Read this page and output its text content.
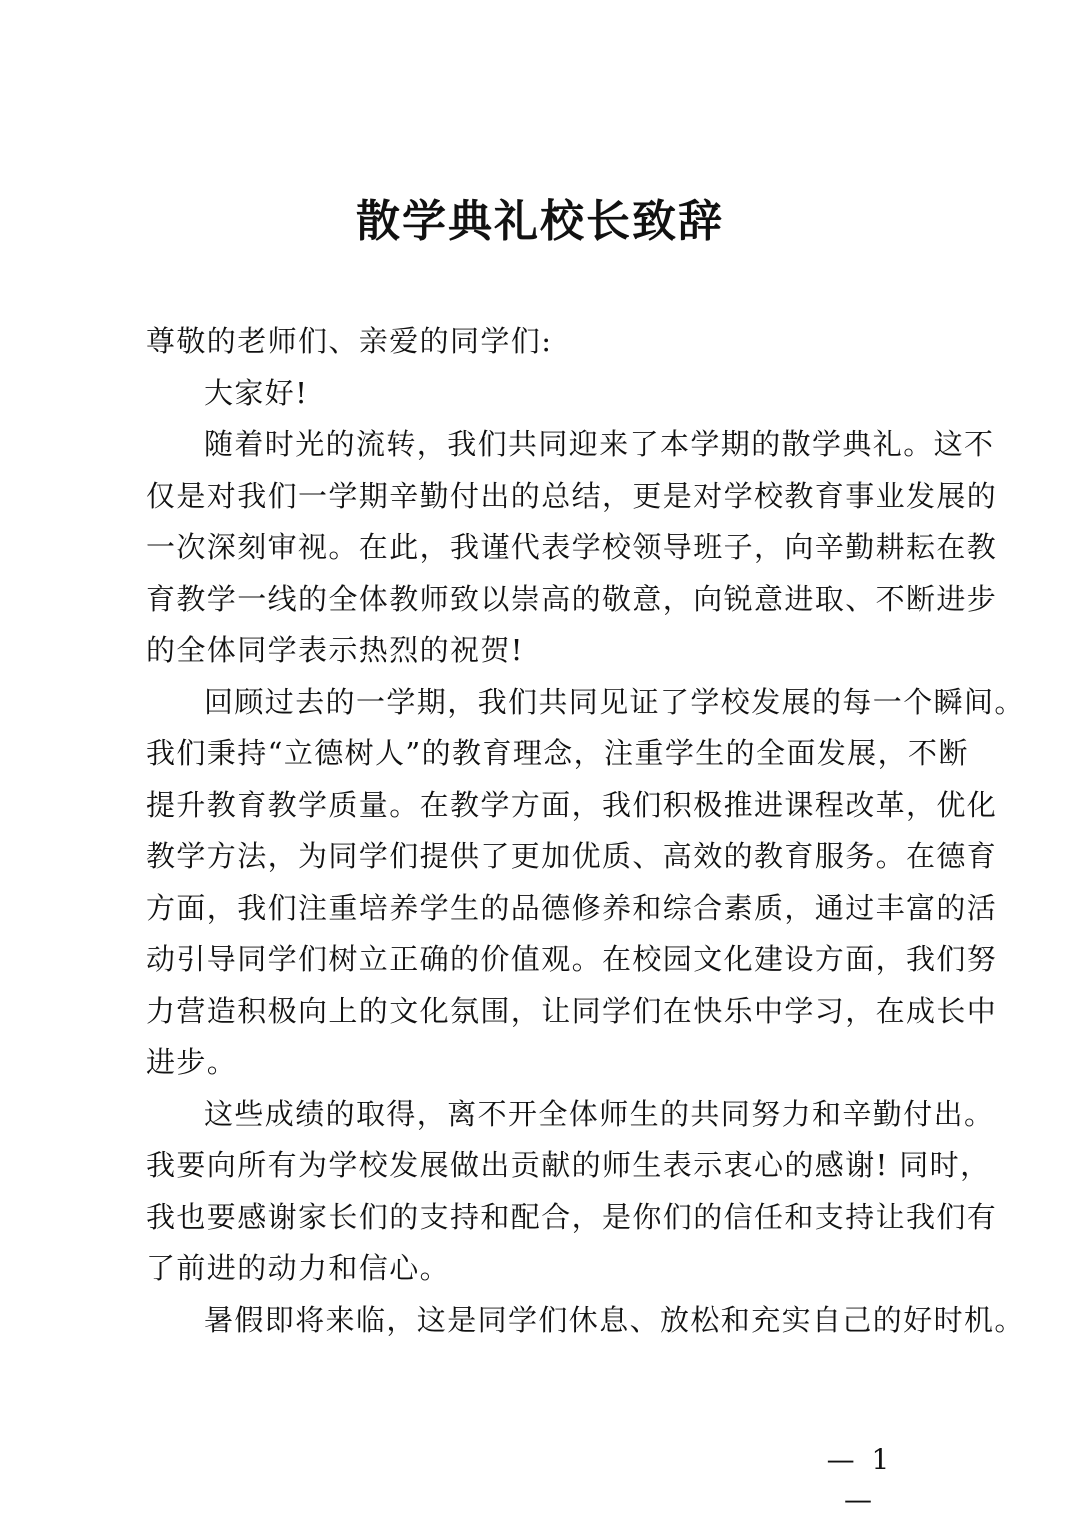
散学典礼校长致辞
尊敬的老师们、亲爱的同学们:
大家好!
随着时光的流转，我们共同迎来了本学期的散学典礼。这不
仅是对我们一学期辛勤付出的总结，更是对学校教育事业发展的
一次深刻审视。在此，我谨代表学校领导班子，向辛勤耕耘在教
育教学一线的全体教师致以崇高的敬意，向锐意进取、不断进步
的全体同学表示热烈的祝贺!
回顾过去的一学期，我们共同见证了学校发展的每一个瞬间。
我们秉持“立德树人”的教育理念，注重学生的全面发展，不断
提升教育教学质量。在教学方面，我们积极推进课程改革，优化
教学方法，为同学们提供了更加优质、高效的教育服务。在德育
方面，我们注重培养学生的品德修养和综合素质，通过丰富的活
动引导同学们树立正确的价值观。在校园文化建设方面，我们努
力营造积极向上的文化氛围，让同学们在快乐中学习，在成长中
进步。
这些成绩的取得，离不开全体师生的共同努力和辛勤付出。
我要向所有为学校发展做出贡献的师生表示衷心的感谢! 同时，
我也要感谢家长们的支持和配合，是你们的信任和支持让我们有
了前进的动力和信心。
暑假即将来临，这是同学们休息、放松和充实自己的好时机。
— 1 —
